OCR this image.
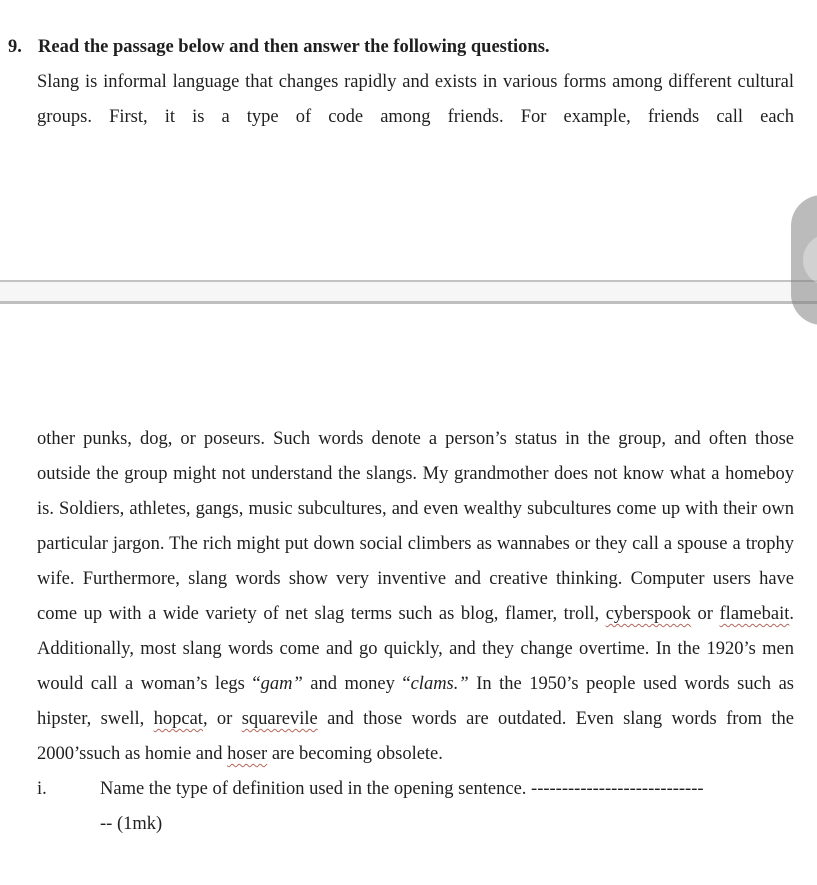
9. Read the passage below and then answer the following questions.

Slang is informal language that changes rapidly and exists in various forms among different cultural groups. First, it is a type of code among friends. For example, friends call each

other punks, dog, or poseurs. Such words denote a person’s status in the group, and often those outside the group might not understand the slangs. My grandmother does not know what a homeboy is. Soldiers, athletes, gangs, music subcultures, and even wealthy subcultures come up with their own particular jargon. The rich might put down social climbers as wannabes or they call a spouse a trophy wife. Furthermore, slang words show very inventive and creative thinking. Computer users have come up with a wide variety of net slag terms such as blog, flamer, troll, cyberspook or flamebait. Additionally, most slang words come and go quickly, and they change overtime. In the 1920’s men would call a woman’s legs “gam” and money “clams.” In the 1950’s people used words such as hipster, swell, hopcat, or squarevile and those words are outdated. Even slang words from the 2000’ssuch as homie and hoser are becoming obsolete.

i.	Name the type of definition used in the opening sentence. ----------------------------
-- (1mk)
